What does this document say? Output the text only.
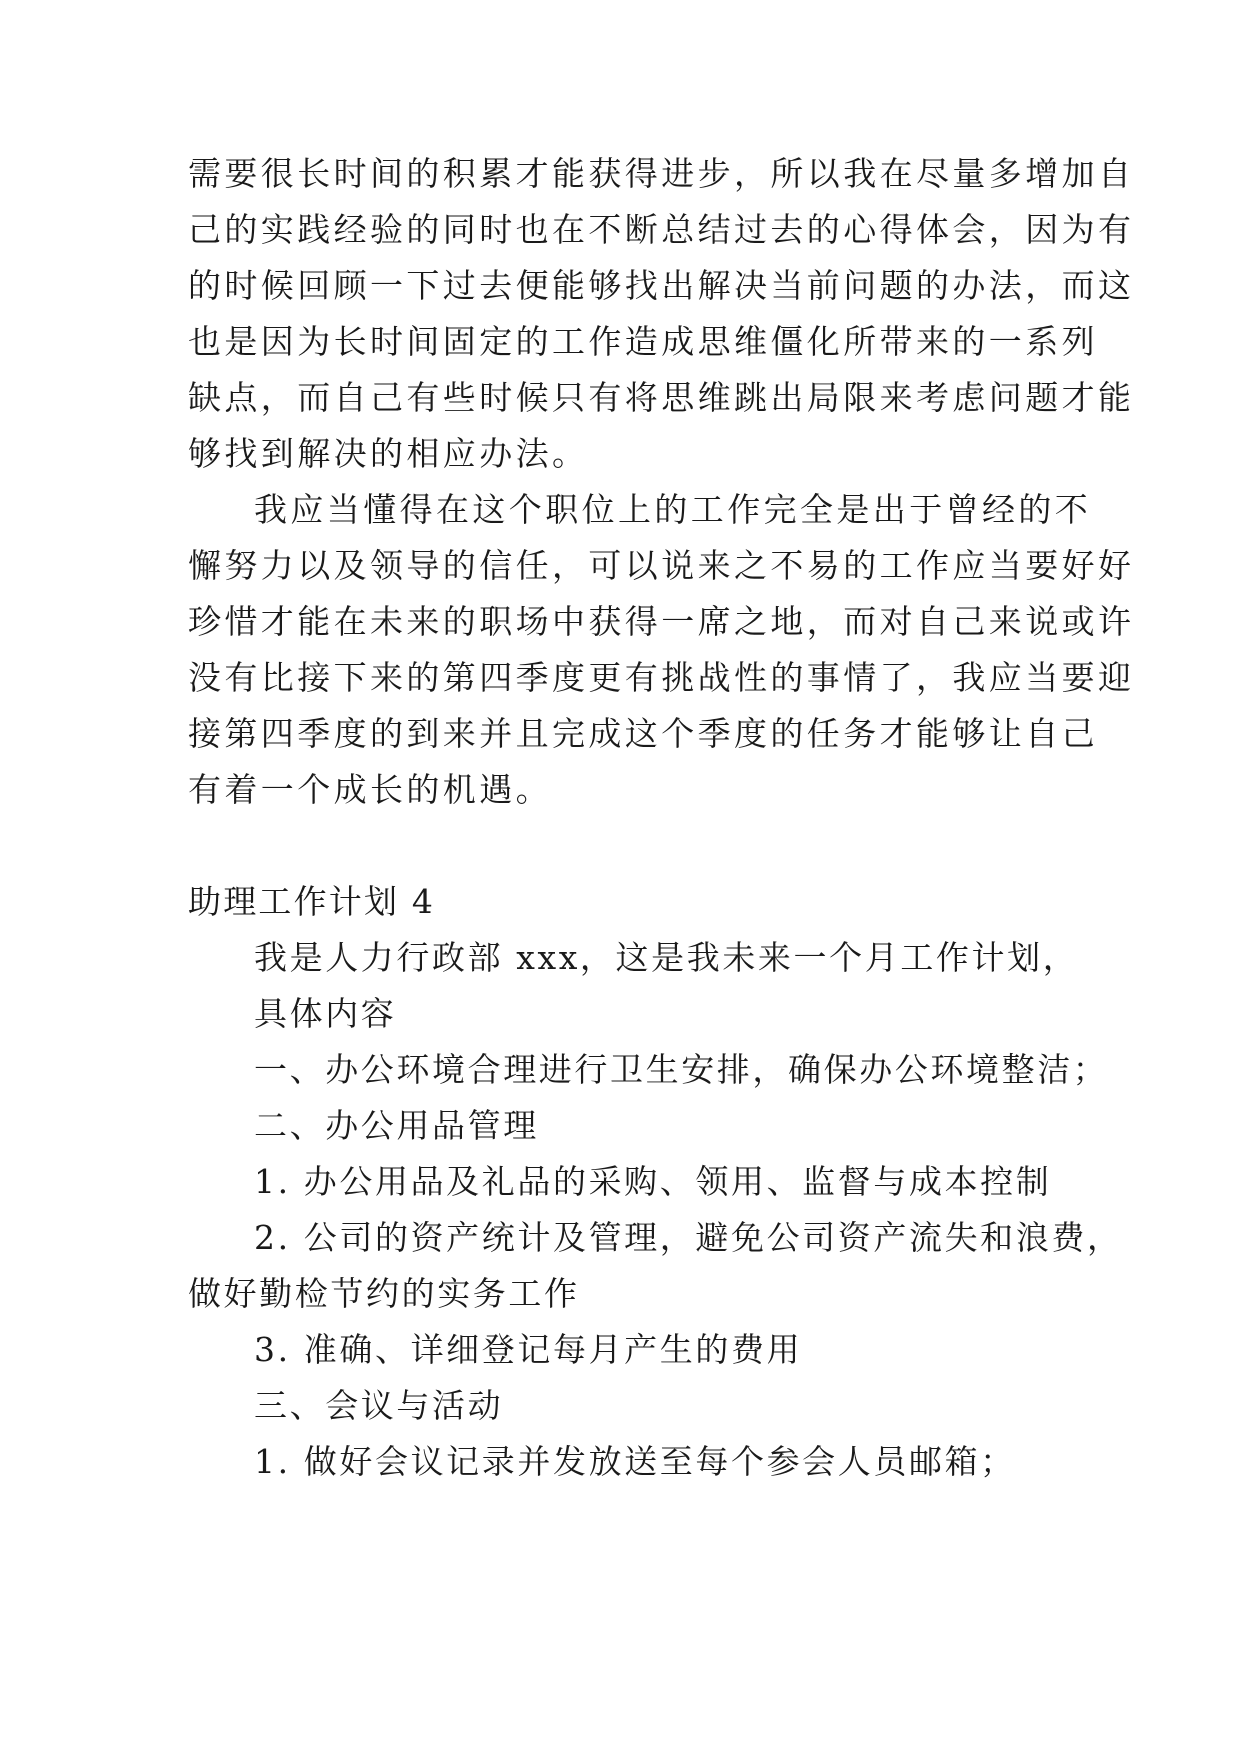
需要很长时间的积累才能获得进步，所以我在尽量多增加自
己的实践经验的同时也在不断总结过去的心得体会，因为有
的时候回顾一下过去便能够找出解决当前问题的办法，而这
也是因为长时间固定的工作造成思维僵化所带来的一系列
缺点，而自己有些时候只有将思维跳出局限来考虑问题才能
够找到解决的相应办法。
我应当懂得在这个职位上的工作完全是出于曾经的不
懈努力以及领导的信任，可以说来之不易的工作应当要好好
珍惜才能在未来的职场中获得一席之地，而对自己来说或许
没有比接下来的第四季度更有挑战性的事情了，我应当要迎
接第四季度的到来并且完成这个季度的任务才能够让自己
有着一个成长的机遇。
助理工作计划 4
我是人力行政部 xxx，这是我未来一个月工作计划，
具体内容
一、办公环境合理进行卫生安排，确保办公环境整洁；
二、办公用品管理
1. 办公用品及礼品的采购、领用、监督与成本控制
2. 公司的资产统计及管理，避免公司资产流失和浪费，
做好勤检节约的实务工作
3. 准确、详细登记每月产生的费用
三、会议与活动
1. 做好会议记录并发放送至每个参会人员邮箱；
